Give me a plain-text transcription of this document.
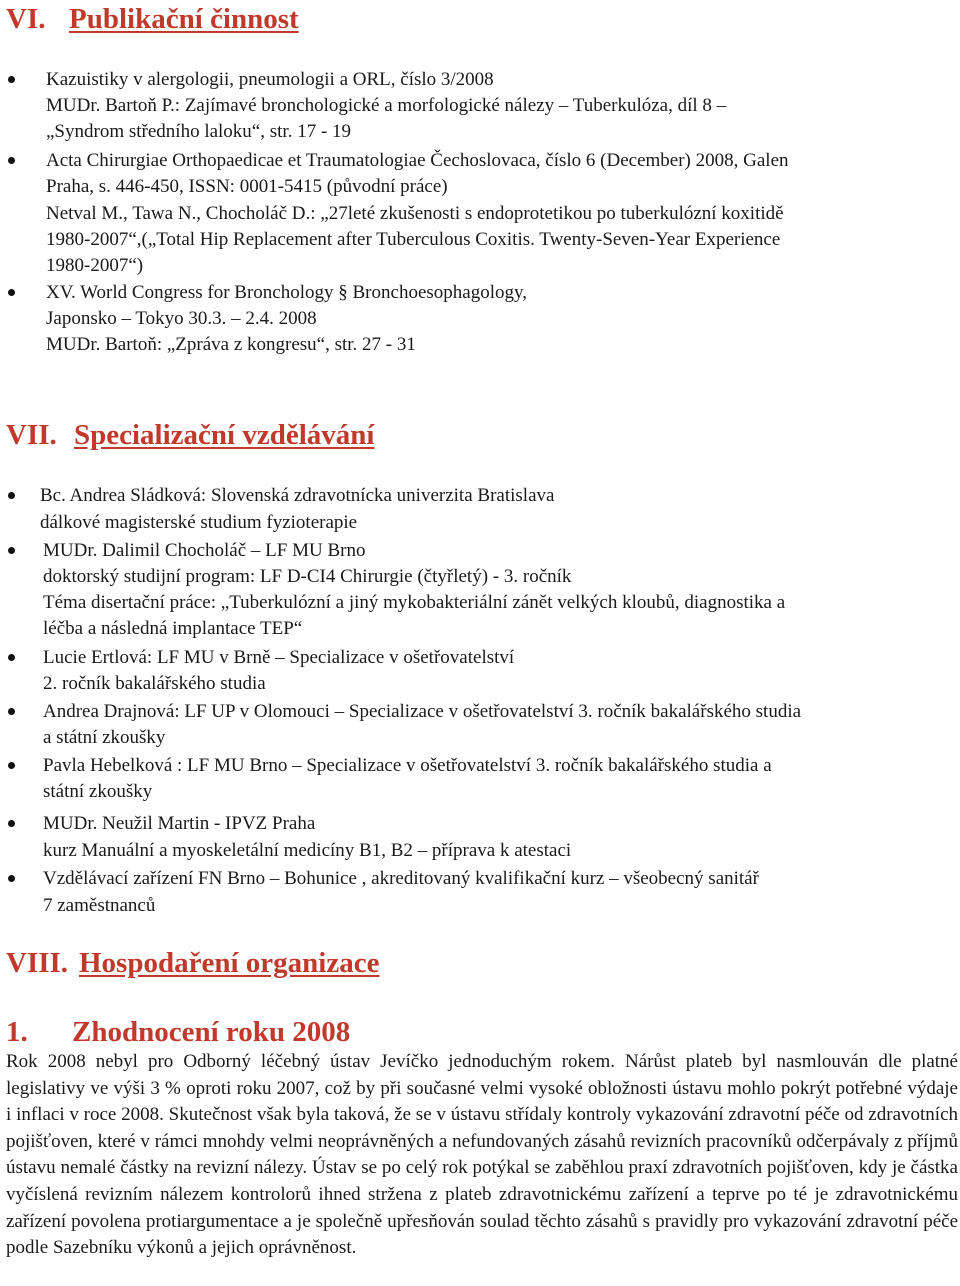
VI. Publikační činnost
Kazuistiky v alergologii, pneumologii a ORL, číslo 3/2008
MUDr. Bartoň P.: Zajímavé bronchologické a morfologické nálezy – Tuberkulóza, díl 8 –
„Syndrom středního laloku“, str. 17 - 19
Acta Chirurgiae Orthopaedicae et Traumatologiae Čechoslovaca, číslo 6 (December) 2008, Galen
Praha, s. 446-450, ISSN: 0001-5415 (původní práce)
Netval M., Tawa N., Chocholáč D.: „27leté zkušenosti s endoprotetikou po tuberkulózní koxitidě
1980-2007“,(„Total Hip Replacement after Tuberculous Coxitis. Twenty-Seven-Year Experience
1980-2007“)
XV. World Congress for Bronchology § Bronchoesophagology,
Japonsko – Tokyo 30.3. – 2.4. 2008
MUDr. Bartoň: „Zpráva z kongresu“, str. 27 - 31
VII. Specializační vzdělávání
Bc. Andrea Sládková: Slovenská zdravotnícka univerzita Bratislava
dálkové magisterské studium fyzioterapie
MUDr. Dalimil Chocholáč – LF MU Brno
doktorský studijní program: LF D-CI4 Chirurgie (čtyřletý) - 3. ročník
Téma disertační práce: „Tuberkulózní a jiný mykobakteriální zánět velkých kloubů, diagnostika a
léčba a následná implantace TEP“
Lucie Ertlová: LF MU v Brně – Specializace v ošetřovatelství
2. ročník bakalářského studia
Andrea Drajnová: LF UP v Olomouci – Specializace v ošetřovatelství 3. ročník bakalářského studia
a státní zkoušky
Pavla Hebelková : LF MU Brno – Specializace v ošetřovatelství 3. ročník bakalářského studia a
státní zkoušky
MUDr. Neužil Martin - IPVZ Praha
kurz Manuální a myoskeletální medicíny B1, B2 – příprava k atestaci
Vzdělávací zařízení FN Brno – Bohunice , akreditovaný kvalifikační kurz – všeobecný sanitář
7 zaměstnanců
VIII. Hospodaření organizace
1. Zhodnocení roku 2008

Rok 2008 nebyl pro Odborný léčebný ústav Jevíčko jednoduchým rokem. Nárůst plateb byl nasmlouván dle platné legislativy ve výši 3 % oproti roku 2007, což by při současné velmi vysoké obložnosti ústavu mohlo pokrýt potřebné výdaje i inflaci v roce 2008. Skutečnost však byla taková, že se v ústavu střídaly kontroly vykazování zdravotní péče od zdravotních pojišťoven, které v rámci mnohdy velmi neoprávněných a nefundovaných zásahů revizních pracovníků odčerpávaly z příjmů ústavu nemalé částky na revizní nálezy. Ústav se po celý rok potýkal se zaběhlou praxí zdravotních pojišťoven, kdy je částka vyčíslená revizním nálezem kontrolorů ihned stržena z plateb zdravotnickému zařízení a teprve po té je zdravotnickému zařízení povolena protiargumentace a je společně upřesňován soulad těchto zásahů s pravidly pro vykazování zdravotní péče podle Sazebníku výkonů a jejich oprávněnost.
